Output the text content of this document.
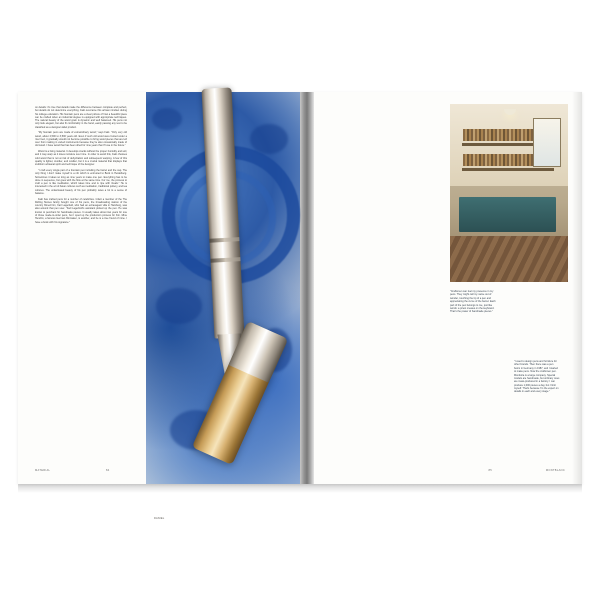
on details: it's true that details make the difference between complete and perfect, but details do not determine everything. Fakt overcame this artisan mindset during his college education. His fountain pens are a clear picture of how a beautiful piece can be crafted when an industrial degree is equipped with appropriate techniques. The natural beauty of the wood grain is dynamic and well balanced. His pens not only look elegant, but also fit comfortably in the hand, easily passing any test to be classified as a designer-label product.

"My fountain pens are made of extraordinary wood," says Fakt. "Only very old wood, about 2,500 to 3,500 years old. Even if such old wood were buried under a river bed, it gradually would not become possible to bring wood pieces that are left over from making in varied instruments because they're also occasionally made of old wood. I have wood that has been dried for nine years that I'll use in the future."

Wood is a living material. It develops cracks without the proper humidity and soil, and it may warp as it loses moisture over time. In order to avoid this, Fakt chooses cold wood that is not at risk of dehydration and subsequent warping. A few of this quality is lighter, sturdier, and costlier, but it is a crucial material that displays that stubborn artisanal spirit and technique of the designer.

"I craft every single part of a fountain pen including the barrel and the cap. The only thing I don't make myself is a nib which is entrusted to Bock in Heidelberg. Sometimes it takes so long as nine years to make one pen. Everything has to be done in sequence, but goes with the flow at the same time. For me, the process to craft a pen is like meditation, which takes time and is ripe with rituals." He is interested in the art of Asian cultures such as meditation, traditional pottery, and tea cultures. The understated beauty of his pen probably owes a lot to a sense of balance.

Fakt has crafted pens for a number of celebrities. Infact a member of the The Rolling Stones family bought one of his pens, the broadcasting station of the country filmed him, Karl Lagerfeld, who had an extravagant villa in Hamburg, was also around that pen user. "Karl Lagerfeld's assistant picked up the pen. He was known to penchant for handmade pieces. It usually takes about two years for one of those made-to-order pens, but I sped up the production process for him. Mine Hendrix, a famous German filmmaker, is another, and he is a true friend of mine. I have a book with his signature."

DANIEL
MATERIAL	84
"Craftsmen can feel my presence in my pens. They might call my name out of wonder, touching the tip of a pen and appreciating the curve of the barrel. Each part of the pen belongs to me, just like words: a priest creates on the keyboard. That's the power of handmade pieces."
"I used to design pens and furniture for other brands. Then there was a pen boom in Germany in 1987, and I started to make pens. Now the craftsmen pen. Monitoria is a large company. Special models are handmade, but ordinary ones are mass-produced in a factory. I can produce 1,000 pieces a day, but I limit myself. That's because I'm the expert on details in each and every stage."
85	MONTBLANC
